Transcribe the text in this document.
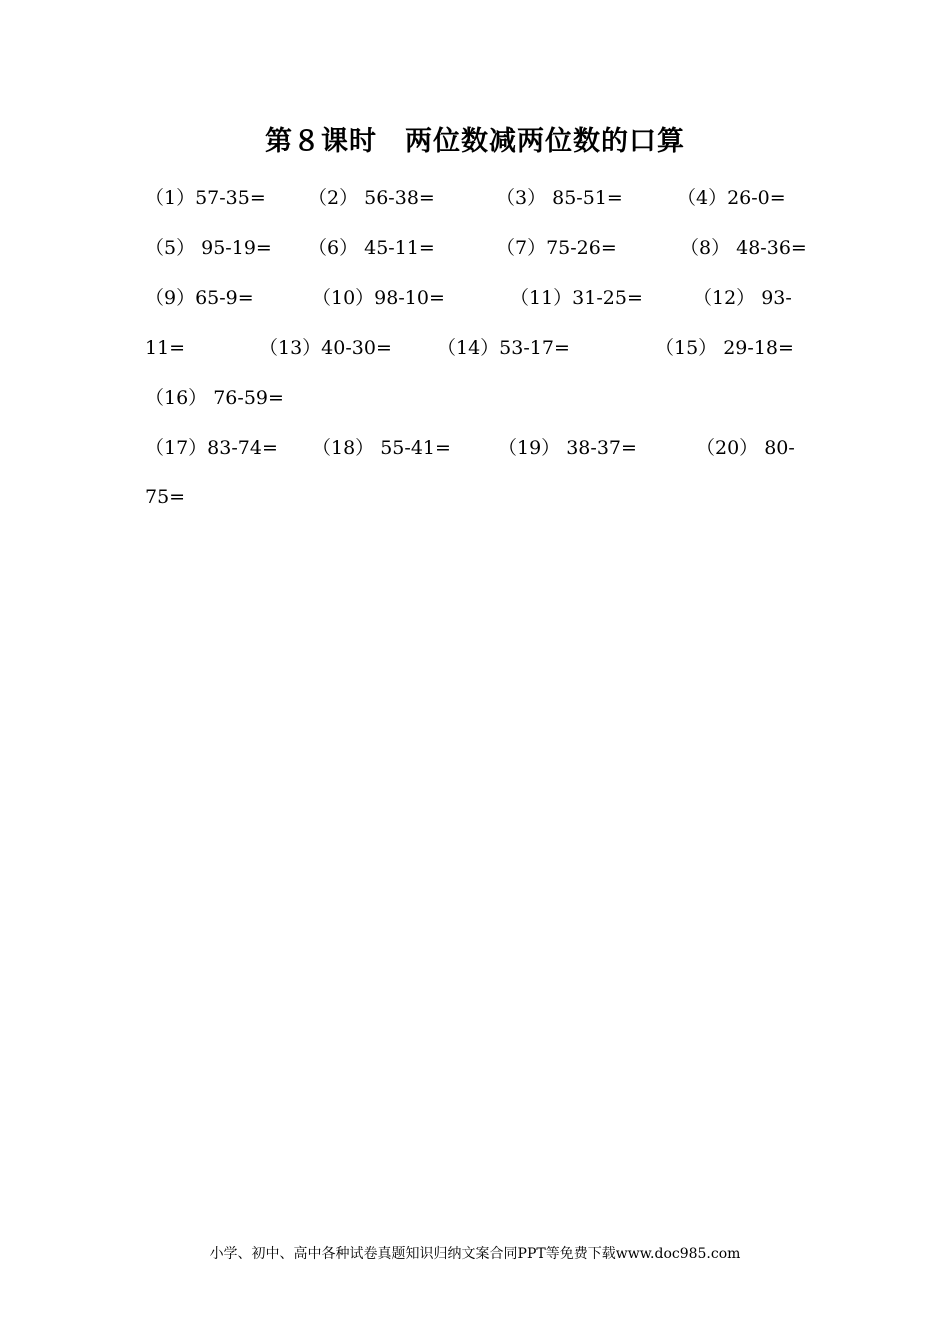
第８课时　两位数减两位数的口算

（1）57-35=

（2） 56-38=

	（3） 85-51=

	（4）26-0=

（5） 95-19=

（6） 45-11=

	（7）75-26=

	（8） 48-36=

（9）65-9=

	（10）98-10=

	（11）31-25=

	（12） 93-

11=

	（13）40-30=

（14）53-17=

	（15） 29-18=

（16） 76-59=

（17）83-74=

（18） 55-41=

（19） 38-37=

	（20） 80-

75=

小学、初中、高中各种试卷真题知识归纳文案合同PPT等免费下载www.doc985.com
